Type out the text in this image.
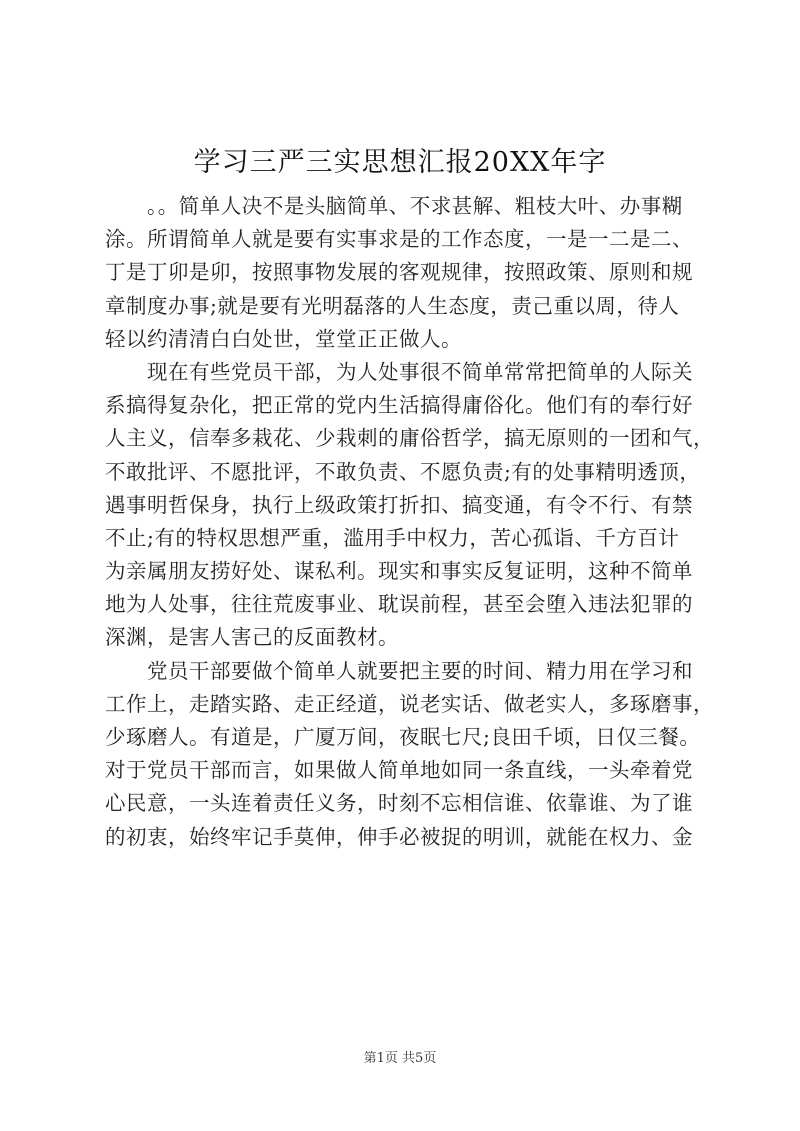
学习三严三实思想汇报20XX年字
。。简单人决不是头脑简单、不求甚解、粗枝大叶、办事糊
涂。所谓简单人就是要有实事求是的工作态度，一是一二是二、
丁是丁卯是卯，按照事物发展的客观规律，按照政策、原则和规
章制度办事;就是要有光明磊落的人生态度，责己重以周，待人
轻以约清清白白处世，堂堂正正做人。
现在有些党员干部，为人处事很不简单常常把简单的人际关
系搞得复杂化，把正常的党内生活搞得庸俗化。他们有的奉行好
人主义，信奉多栽花、少栽刺的庸俗哲学，搞无原则的一团和气，
不敢批评、不愿批评，不敢负责、不愿负责;有的处事精明透顶，
遇事明哲保身，执行上级政策打折扣、搞变通，有令不行、有禁
不止;有的特权思想严重，滥用手中权力，苦心孤诣、千方百计
为亲属朋友捞好处、谋私利。现实和事实反复证明，这种不简单
地为人处事，往往荒废事业、耽误前程，甚至会堕入违法犯罪的
深渊，是害人害己的反面教材。
党员干部要做个简单人就要把主要的时间、精力用在学习和
工作上，走踏实路、走正经道，说老实话、做老实人，多琢磨事，
少琢磨人。有道是，广厦万间，夜眠七尺;良田千顷，日仅三餐。
对于党员干部而言，如果做人简单地如同一条直线，一头牵着党
心民意，一头连着责任义务，时刻不忘相信谁、依靠谁、为了谁
的初衷，始终牢记手莫伸，伸手必被捉的明训，就能在权力、金
第1页 共5页
